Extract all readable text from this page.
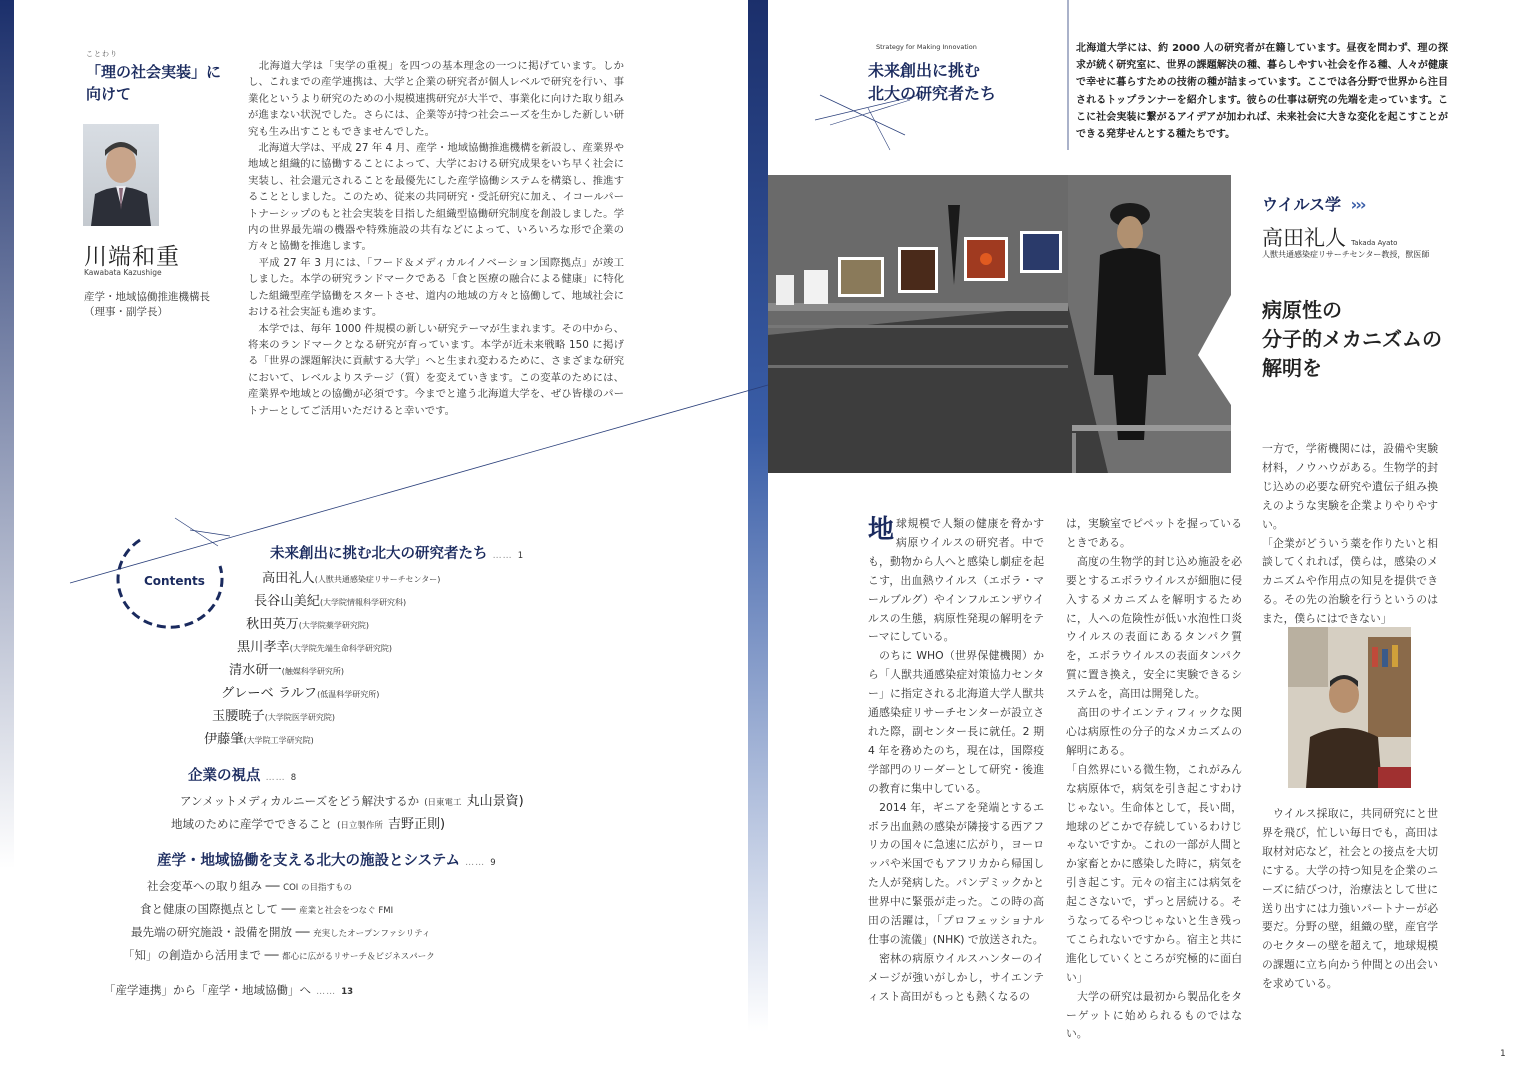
ことわり
「理の社会実装」に
向けて
川端和重
Kawabata Kazushige
産学・地域協働推進機構長
（理事・副学長）

　北海道大学は「実学の重視」を四つの基本理念の一つに掲げています。しかし、これまでの産学連携は、大学と企業の研究者が個人レベルで研究を行い、事業化というより研究のための小規模連携研究が大半で、事業化に向けた取り組みが進まない状況でした。さらには、企業等が持つ社会ニーズを生かした新しい研究も生み出すこともできませんでした。

　北海道大学は、平成 27 年 4 月、産学・地域協働推進機構を新設し、産業界や地域と組織的に協働することによって、大学における研究成果をいち早く社会に実装し、社会還元されることを最優先にした産学協働システムを構築し、推進することとしました。このため、従来の共同研究・受託研究に加え、イコールパートナーシップのもと社会実装を目指した組織型協働研究制度を創設しました。学内の世界最先端の機器や特殊施設の共有などによって、いろいろな形で企業の方々と協働を推進します。

　平成 27 年 3 月には、「フード＆メディカルイノベーション国際拠点」が竣工しました。本学の研究ランドマークである「食と医療の融合による健康」に特化した組織型産学協働をスタートさせ、道内の地域の方々と協働して、地域社会における社会実証も進めます。

　本学では、毎年 1000 件規模の新しい研究テーマが生まれます。その中から、将来のランドマークとなる研究が育っています。本学が近未来戦略 150 に掲げる「世界の課題解決に貢献する大学」へと生まれ変わるために、さまざまな研究において、レベルよりステージ（質）を変えていきます。この変革のためには、産業界や地域との協働が必須です。今までと違う北海道大学を、ぜひ皆様のパートナーとしてご活用いただけると幸いです。

Contents
未来創出に挑む北大の研究者たち …… 1
高田礼人(人獣共通感染症リサーチセンター)
長谷山美紀(大学院情報科学研究科)
秋田英万(大学院薬学研究院)
黒川孝幸(大学院先端生命科学研究院)
清水研一(触媒科学研究所)
グレーベ ラルフ(低温科学研究所)
玉腰暁子(大学院医学研究院)
伊藤肇(大学院工学研究院)
企業の視点 …… 8
アンメットメディカルニーズをどう解決するか (日東電工 丸山景資)
地域のために産学でできること (日立製作所 吉野正則)
産学・地域協働を支える北大の施設とシステム …… 9
社会変革への取り組み ── COI の目指すもの
食と健康の国際拠点として ── 産業と社会をつなぐ FMI
最先端の研究施設・設備を開放 ── 充実したオープンファシリティ
「知」の創造から活用まで ── 都心に広がるリサーチ＆ビジネスパーク
「産学連携」から「産学・地域協働」へ …… 13
Strategy for Making Innovation
未来創出に挑む
北大の研究者たち
北海道大学には、約 2000 人の研究者が在籍しています。昼夜を問わず、理の探求が続く研究室に、世界の課題解決の種、暮らしやすい社会を作る種、人々が健康で幸せに暮らすための技術の種が詰まっています。ここでは各分野で世界から注目されるトップランナーを紹介します。彼らの仕事は研究の先端を走っています。ここに社会実装に繋がるアイデアが加われば、未来社会に大きな変化を起こすことができる発芽せんとする種たちです。
ウイルス学 ›››
高田礼人 Takada Ayato
人獣共通感染症リサーチセンター教授，獣医師
病原性の
分子的メカニズムの
解明を
地 球規模で人類の健康を脅かす病原ウイルスの研究者。中でも，動物から人へと感染し劇症を起こす，出血熱ウイルス（エボラ・マールブルグ）やインフルエンザウイルスの生態，病原性発現の解明をテーマにしている。

　のちに WHO（世界保健機関）から「人獣共通感染症対策協力センター」に指定される北海道大学人獣共通感染症リサーチセンターが設立された際，副センター長に就任。2 期 4 年を務めたのち，現在は，国際疫学部門のリーダーとして研究・後進の教育に集中している。

　2014 年，ギニアを発端とするエボラ出血熱の感染が隣接する西アフリカの国々に急速に広がり，ヨーロッパや米国でもアフリカから帰国した人が発病した。パンデミックかと世界中に緊張が走った。この時の高田の活躍は，「プロフェッショナル仕事の流儀」(NHK) で放送された。

　密林の病原ウイルスハンターのイメージが強いがしかし，サイエンティスト高田がもっとも熱くなるの

は，実験室でピペットを握っているときである。

　高度の生物学的封じ込め施設を必要とするエボラウイルスが細胞に侵入するメカニズムを解明するために，人への危険性が低い水泡性口炎ウイルスの表面にあるタンパク質を，エボラウイルスの表面タンパク質に置き換え，安全に実験できるシステムを，高田は開発した。

　高田のサイエンティフィックな関心は病原性の分子的なメカニズムの解明にある。

「自然界にいる微生物，これがみんな病原体で，病気を引き起こすわけじゃない。生命体として，長い間，地球のどこかで存続しているわけじゃないですか。これの一部が人間とか家畜とかに感染した時に，病気を引き起こす。元々の宿主には病気を起こさないで，ずっと居続ける。そうなってるやつじゃないと生き残ってこられないですから。宿主と共に進化していくところが究極的に面白い」

　大学の研究は最初から製品化をターゲットに始められるものではない。

一方で，学術機関には，設備や実験材料，ノウハウがある。生物学的封じ込めの必要な研究や遺伝子組み換えのような実験を企業よりやりやすい。

「企業がどういう薬を作りたいと相談してくれれば，僕らは，感染のメカニズムや作用点の知見を提供できる。その先の治験を行うというのはまた，僕らにはできない」

　ウイルス採取に，共同研究にと世界を飛び，忙しい毎日でも，高田は取材対応など，社会との接点を大切にする。大学の持つ知見を企業のニーズに結びつけ，治療法として世に送り出すには力強いパートナーが必要だ。分野の壁，組織の壁，産官学のセクターの壁を超えて，地球規模の課題に立ち向かう仲間との出会いを求めている。

1
